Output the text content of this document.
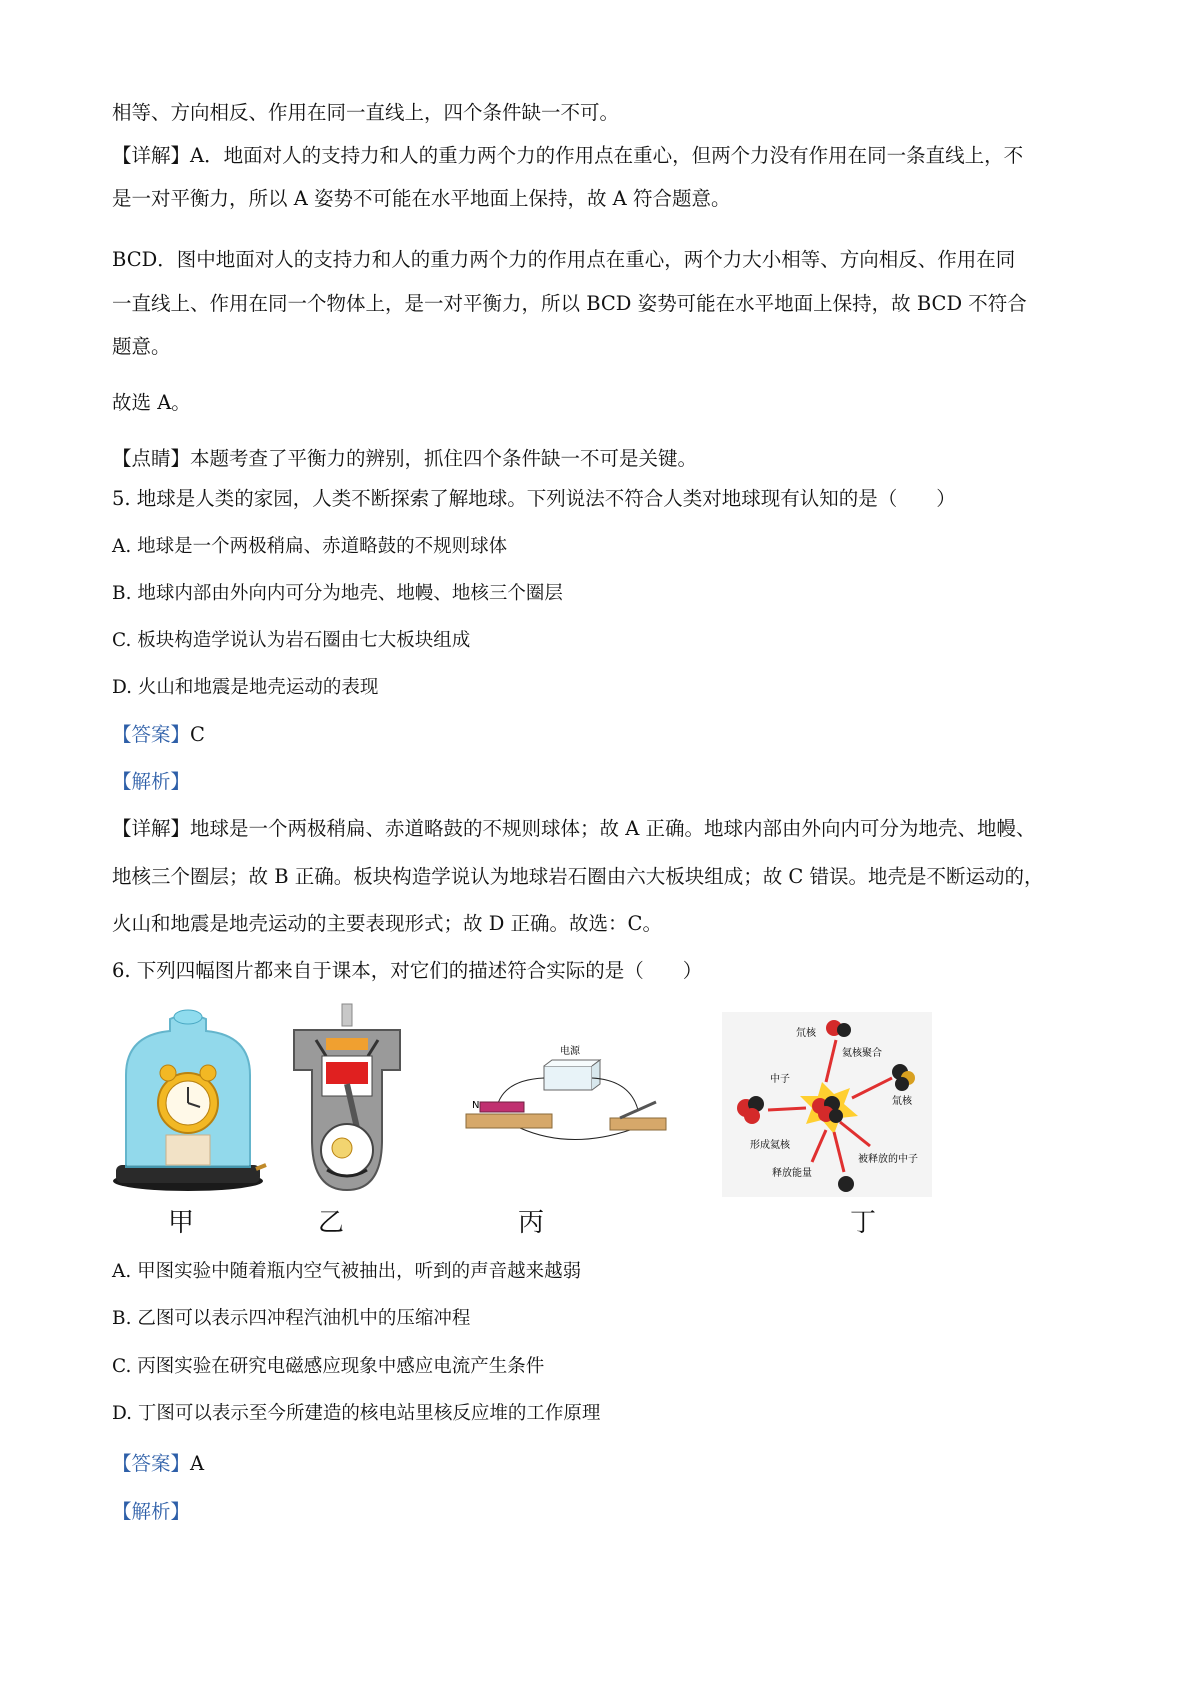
相等、方向相反、作用在同一直线上，四个条件缺一不可。
【详解】A．地面对人的支持力和人的重力两个力的作用点在重心，但两个力没有作用在同一条直线上，不
是一对平衡力，所以 A 姿势不可能在水平地面上保持，故 A 符合题意。
BCD．图中地面对人的支持力和人的重力两个力的作用点在重心，两个力大小相等、方向相反、作用在同
一直线上、作用在同一个物体上，是一对平衡力，所以 BCD 姿势可能在水平地面上保持，故 BCD 不符合
题意。
故选 A。
【点睛】本题考查了平衡力的辨别，抓住四个条件缺一不可是关键。
5. 地球是人类的家园，人类不断探索了解地球。下列说法不符合人类对地球现有认知的是（　　）
A. 地球是一个两极稍扁、赤道略鼓的不规则球体
B. 地球内部由外向内可分为地壳、地幔、地核三个圈层
C. 板块构造学说认为岩石圈由七大板块组成
D. 火山和地震是地壳运动的表现
【答案】C
【解析】
【详解】地球是一个两极稍扁、赤道略鼓的不规则球体；故 A 正确。地球内部由外向内可分为地壳、地幔、
地核三个圈层；故 B 正确。板块构造学说认为地球岩石圈由六大板块组成；故 C 错误。地壳是不断运动的，
火山和地震是地壳运动的主要表现形式；故 D 正确。故选：C。
6. 下列四幅图片都来自于课本，对它们的描述符合实际的是（　　）
甲	乙
电源
N
丙
氘核
氦核聚合
中子
氚核
形成氦核
被释放的中子
释放能量
丁
A. 甲图实验中随着瓶内空气被抽出，听到的声音越来越弱
B. 乙图可以表示四冲程汽油机中的压缩冲程
C. 丙图实验在研究电磁感应现象中感应电流产生条件
D. 丁图可以表示至今所建造的核电站里核反应堆的工作原理
【答案】A
【解析】
